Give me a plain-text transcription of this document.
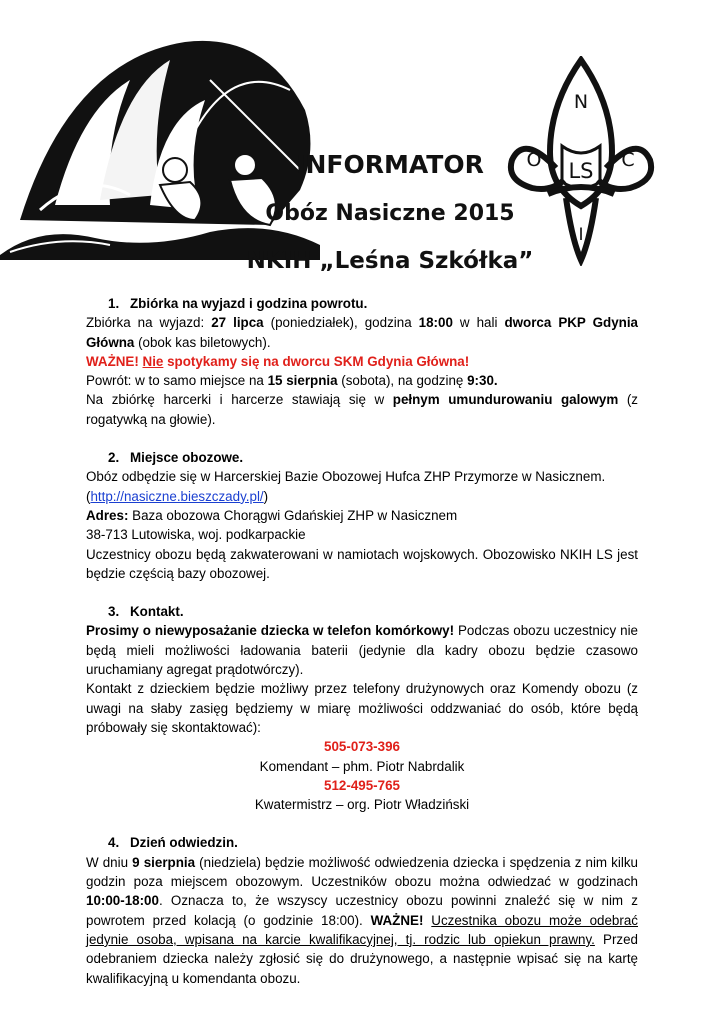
N
O	C
LS
I
INFORMATOR
Obóz Nasiczne 2015
NKIH „Leśna Szkółka”
1. Zbiórka na wyjazd i godzina powrotu.
Zbiórka na wyjazd: 27 lipca (poniedziałek), godzina 18:00 w hali dworca PKP Gdynia Główna (obok kas biletowych).
WAŻNE! Nie spotykamy się na dworcu SKM Gdynia Główna!
Powrót: w to samo miejsce na 15 sierpnia (sobota), na godzinę 9:30.
Na zbiórkę harcerki i harcerze stawiają się w pełnym umundurowaniu galowym (z rogatywką na głowie).
2. Miejsce obozowe.
Obóz odbędzie się w Harcerskiej Bazie Obozowej Hufca ZHP Przymorze w Nasicznem.
(http://nasiczne.bieszczady.pl/)
Adres: Baza obozowa Chorągwi Gdańskiej ZHP w Nasicznem
38-713 Lutowiska, woj. podkarpackie
Uczestnicy obozu będą zakwaterowani w namiotach wojskowych. Obozowisko NKIH LS jest będzie częścią bazy obozowej.
3. Kontakt.
Prosimy o niewyposażanie dziecka w telefon komórkowy! Podczas obozu uczestnicy nie będą mieli możliwości ładowania baterii (jedynie dla kadry obozu będzie czasowo uruchamiany agregat prądotwórczy).
Kontakt z dzieckiem będzie możliwy przez telefony drużynowych oraz Komendy obozu (z uwagi na słaby zasięg będziemy w miarę możliwości oddzwaniać do osób, które będą próbowały się skontaktować):
505-073-396
Komendant – phm. Piotr Nabrdalik
512-495-765
Kwatermistrz – org. Piotr Władziński
4. Dzień odwiedzin.
W dniu 9 sierpnia (niedziela) będzie możliwość odwiedzenia dziecka i spędzenia z nim kilku godzin poza miejscem obozowym. Uczestników obozu można odwiedzać w godzinach 10:00-18:00. Oznacza to, że wszyscy uczestnicy obozu powinni znaleźć się w nim z powrotem przed kolacją (o godzinie 18:00). WAŻNE! Uczestnika obozu może odebrać jedynie osoba, wpisana na karcie kwalifikacyjnej, tj. rodzic lub opiekun prawny. Przed odebraniem dziecka należy zgłosić się do drużynowego, a następnie wpisać się na kartę kwalifikacyjną u komendanta obozu.
